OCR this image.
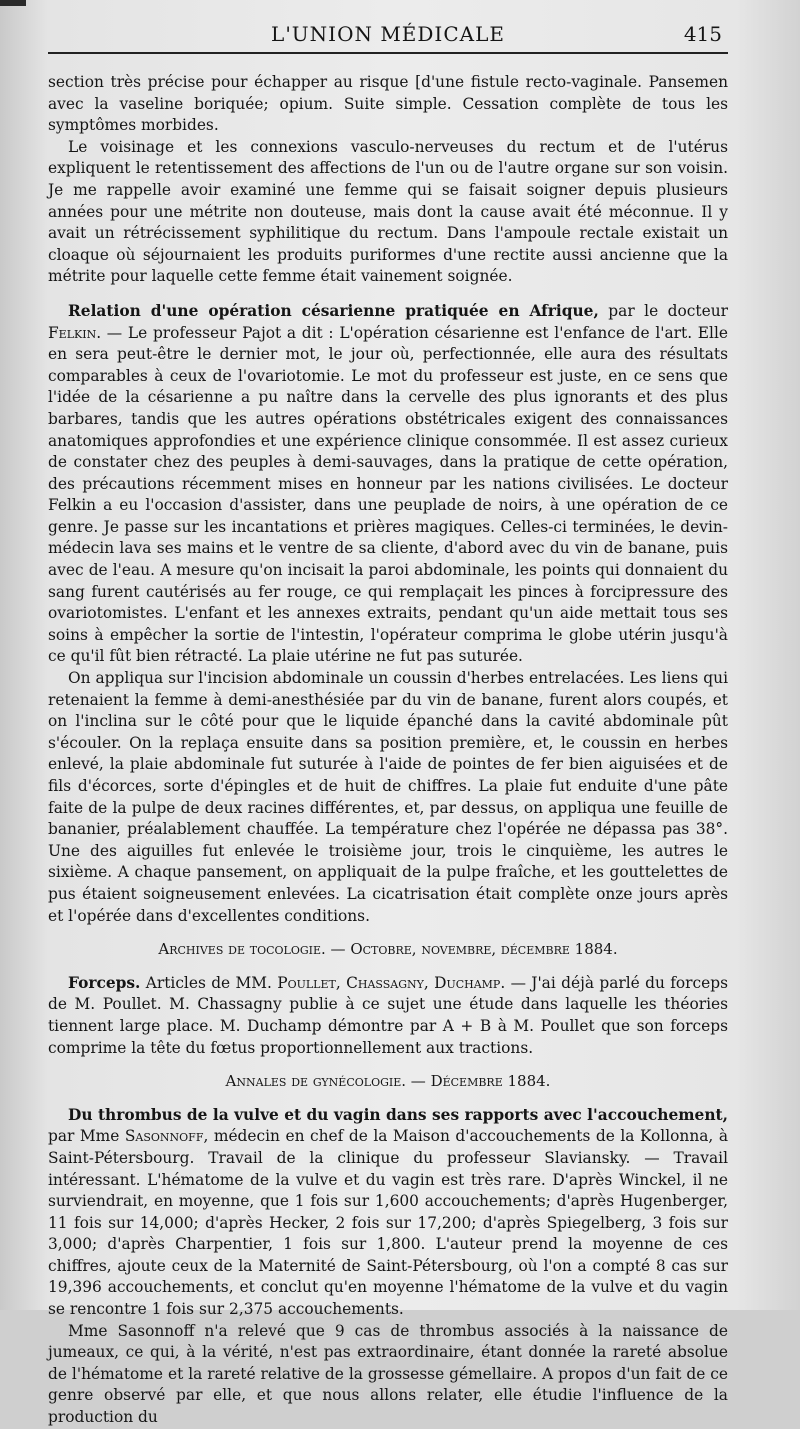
L'UNION MÉDICALE	415

section très précise pour échapper au risque [d'une fistule recto-vaginale. Pansemen avec la vaseline boriquée; opium. Suite simple. Cessation complète de tous les symptômes morbides.

Le voisinage et les connexions vasculo-nerveuses du rectum et de l'utérus expliquent le retentissement des affections de l'un ou de l'autre organe sur son voisin. Je me rappelle avoir examiné une femme qui se faisait soigner depuis plusieurs années pour une métrite non douteuse, mais dont la cause avait été méconnue. Il y avait un rétrécissement syphilitique du rectum. Dans l'ampoule rectale existait un cloaque où séjournaient les produits puriformes d'une rectite aussi ancienne que la métrite pour laquelle cette femme était vainement soignée.

Relation d'une opération césarienne pratiquée en Afrique, par le docteur Felkin. — Le professeur Pajot a dit : L'opération césarienne est l'enfance de l'art. Elle en sera peut-être le dernier mot, le jour où, perfectionnée, elle aura des résultats comparables à ceux de l'ovariotomie. Le mot du professeur est juste, en ce sens que l'idée de la césarienne a pu naître dans la cervelle des plus ignorants et des plus barbares, tandis que les autres opérations obstétricales exigent des connaissances anatomiques approfondies et une expérience clinique consommée. Il est assez curieux de constater chez des peuples à demi-sauvages, dans la pratique de cette opération, des précautions récemment mises en honneur par les nations civilisées. Le docteur Felkin a eu l'occasion d'assister, dans une peuplade de noirs, à une opération de ce genre. Je passe sur les incantations et prières magiques. Celles-ci terminées, le devin-médecin lava ses mains et le ventre de sa cliente, d'abord avec du vin de banane, puis avec de l'eau. A mesure qu'on incisait la paroi abdominale, les points qui donnaient du sang furent cautérisés au fer rouge, ce qui remplaçait les pinces à forcipressure des ovariotomistes. L'enfant et les annexes extraits, pendant qu'un aide mettait tous ses soins à empêcher la sortie de l'intestin, l'opérateur comprima le globe utérin jusqu'à ce qu'il fût bien rétracté. La plaie utérine ne fut pas suturée.

On appliqua sur l'incision abdominale un coussin d'herbes entrelacées. Les liens qui retenaient la femme à demi-anesthésiée par du vin de banane, furent alors coupés, et on l'inclina sur le côté pour que le liquide épanché dans la cavité abdominale pût s'écouler. On la replaça ensuite dans sa position première, et, le coussin en herbes enlevé, la plaie abdominale fut suturée à l'aide de pointes de fer bien aiguisées et de fils d'écorces, sorte d'épingles et de huit de chiffres. La plaie fut enduite d'une pâte faite de la pulpe de deux racines différentes, et, par dessus, on appliqua une feuille de bananier, préalablement chauffée. La température chez l'opérée ne dépassa pas 38°. Une des aiguilles fut enlevée le troisième jour, trois le cinquième, les autres le sixième. A chaque pansement, on appliquait de la pulpe fraîche, et les gouttelettes de pus étaient soigneusement enlevées. La cicatrisation était complète onze jours après et l'opérée dans d'excellentes conditions.

Archives de tocologie. — Octobre, novembre, décembre 1884.

Forceps. Articles de MM. Poullet, Chassagny, Duchamp. — J'ai déjà parlé du forceps de M. Poullet. M. Chassagny publie à ce sujet une étude dans laquelle les théories tiennent large place. M. Duchamp démontre par A + B à M. Poullet que son forceps comprime la tête du fœtus proportionnellement aux tractions.

Annales de gynécologie. — Décembre 1884.

Du thrombus de la vulve et du vagin dans ses rapports avec l'accouchement, par Mme Sasonnoff, médecin en chef de la Maison d'accouchements de la Kollonna, à Saint-Pétersbourg. Travail de la clinique du professeur Slaviansky. — Travail intéressant. L'hématome de la vulve et du vagin est très rare. D'après Winckel, il ne surviendrait, en moyenne, que 1 fois sur 1,600 accouchements; d'après Hugenberger, 11 fois sur 14,000; d'après Hecker, 2 fois sur 17,200; d'après Spiegelberg, 3 fois sur 3,000; d'après Charpentier, 1 fois sur 1,800. L'auteur prend la moyenne de ces chiffres, ajoute ceux de la Maternité de Saint-Pétersbourg, où l'on a compté 8 cas sur 19,396 accouchements, et conclut qu'en moyenne l'hématome de la vulve et du vagin se rencontre 1 fois sur 2,375 accouchements.

Mme Sasonnoff n'a relevé que 9 cas de thrombus associés à la naissance de jumeaux, ce qui, à la vérité, n'est pas extraordinaire, étant donnée la rareté absolue de l'hématome et la rareté relative de la grossesse gémellaire. A propos d'un fait de ce genre observé par elle, et que nous allons relater, elle étudie l'influence de la production du
